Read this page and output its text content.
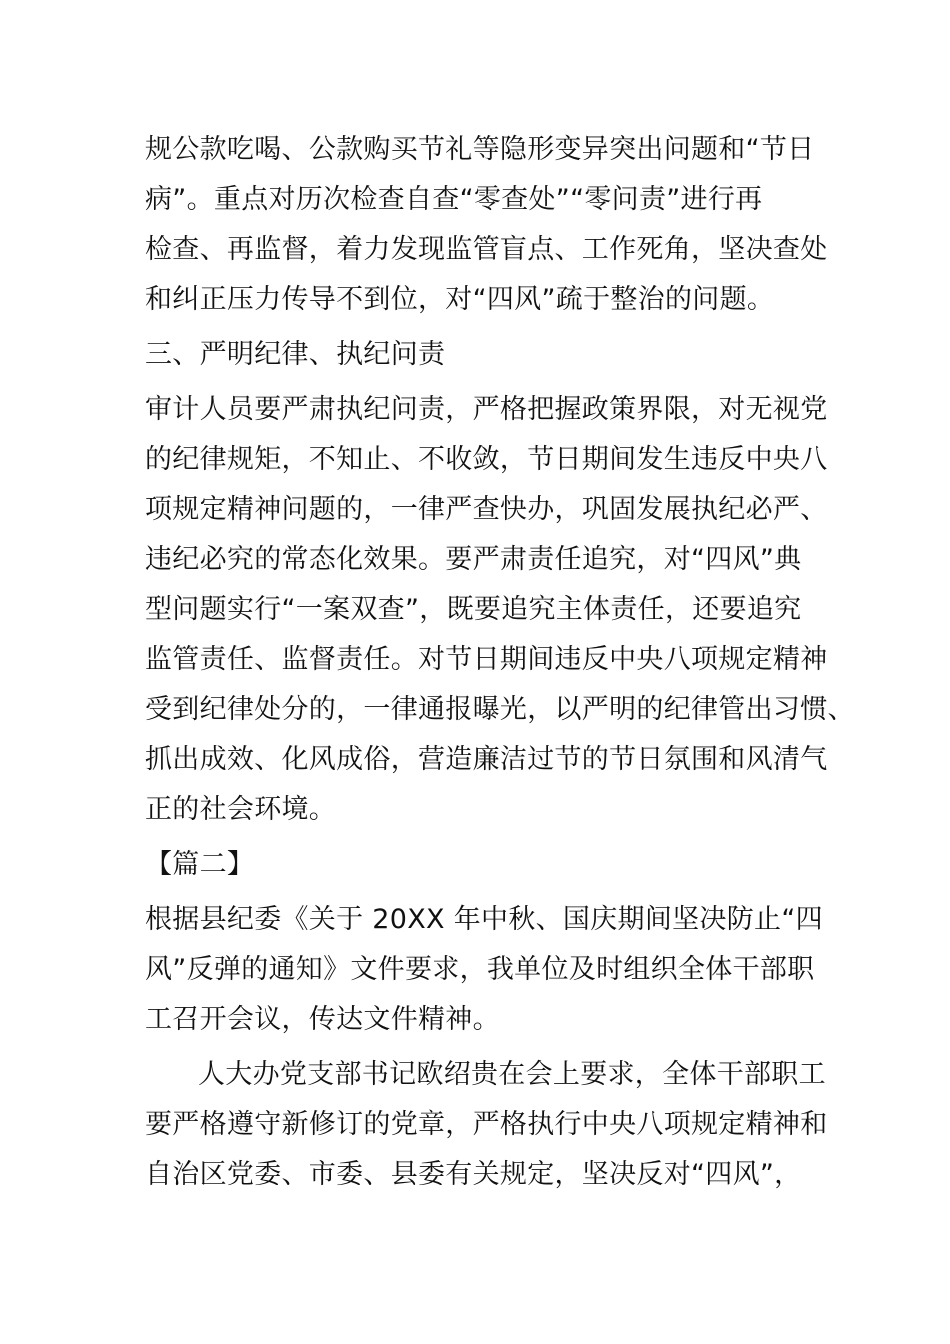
规公款吃喝、公款购买节礼等隐形变异突出问题和“节日
病”。重点对历次检查自查“零查处”“零问责”进行再
检查、再监督，着力发现监管盲点、工作死角，坚决查处
和纠正压力传导不到位，对“四风”疏于整治的问题。
三、严明纪律、执纪问责
审计人员要严肃执纪问责，严格把握政策界限，对无视党
的纪律规矩，不知止、不收敛，节日期间发生违反中央八
项规定精神问题的，一律严查快办，巩固发展执纪必严、
违纪必究的常态化效果。要严肃责任追究，对“四风”典
型问题实行“一案双查”，既要追究主体责任，还要追究
监管责任、监督责任。对节日期间违反中央八项规定精神
受到纪律处分的，一律通报曝光，以严明的纪律管出习惯、
抓出成效、化风成俗，营造廉洁过节的节日氛围和风清气
正的社会环境。
【篇二】
根据县纪委《关于 20XX 年中秋、国庆期间坚决防止“四
风”反弹的通知》文件要求，我单位及时组织全体干部职
工召开会议，传达文件精神。
人大办党支部书记欧绍贵在会上要求，全体干部职工
要严格遵守新修订的党章，严格执行中央八项规定精神和
自治区党委、市委、县委有关规定，坚决反对“四风”，
